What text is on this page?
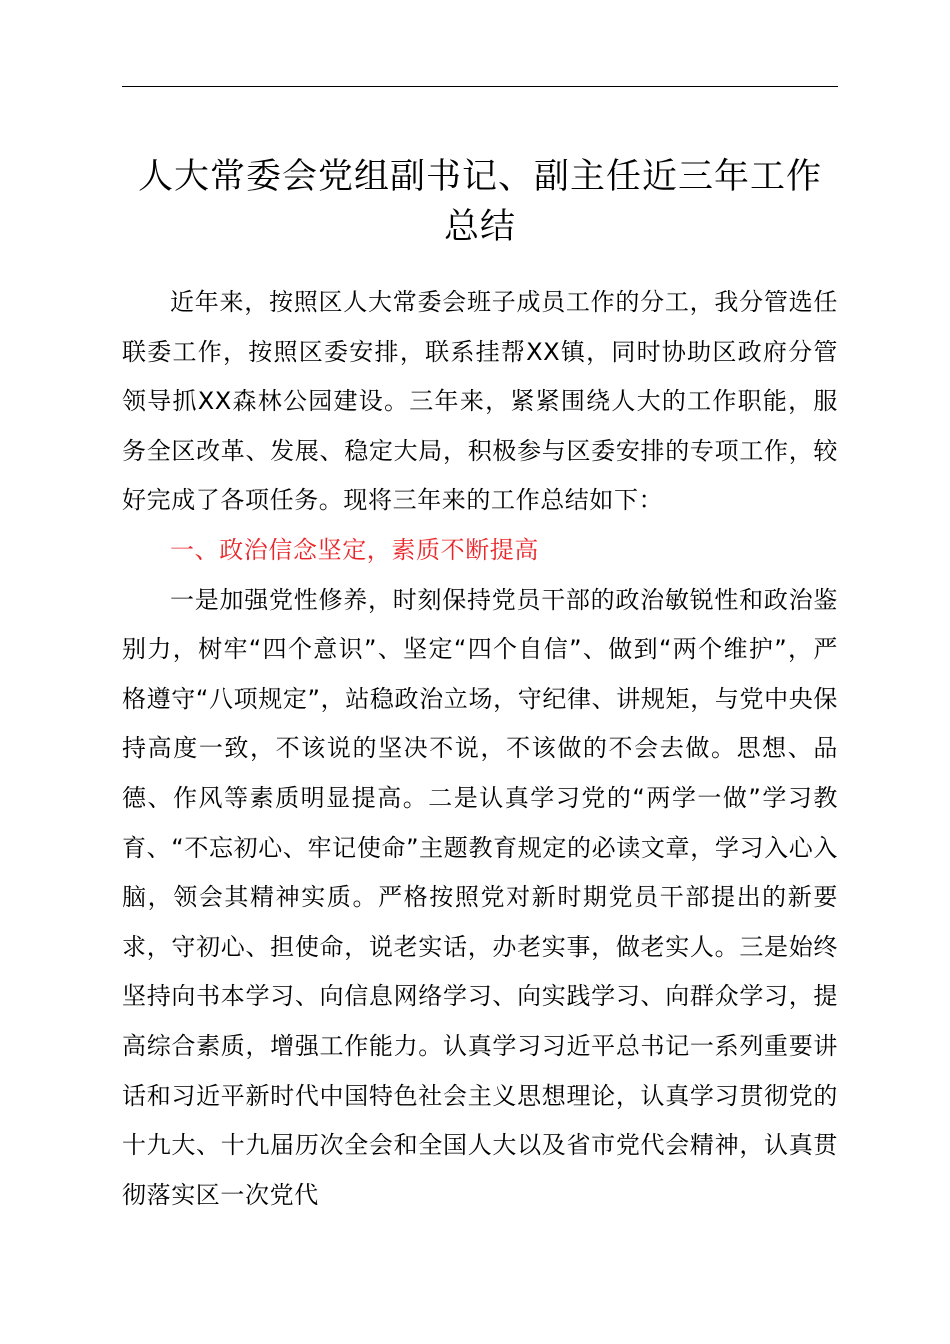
人大常委会党组副书记、副主任近三年工作总结

近年来，按照区人大常委会班子成员工作的分工，我分管选任联委工作，按照区委安排，联系挂帮XX镇，同时协助区政府分管领导抓XX森林公园建设。三年来，紧紧围绕人大的工作职能，服务全区改革、发展、稳定大局，积极参与区委安排的专项工作，较好完成了各项任务。现将三年来的工作总结如下：

一、政治信念坚定，素质不断提高

一是加强党性修养，时刻保持党员干部的政治敏锐性和政治鉴别力，树牢“四个意识”、坚定“四个自信”、做到“两个维护”，严格遵守“八项规定”，站稳政治立场，守纪律、讲规矩，与党中央保持高度一致，不该说的坚决不说，不该做的不会去做。思想、品德、作风等素质明显提高。二是认真学习党的“两学一做”学习教育、“不忘初心、牢记使命”主题教育规定的必读文章，学习入心入脑，领会其精神实质。严格按照党对新时期党员干部提出的新要求，守初心、担使命，说老实话，办老实事，做老实人。三是始终坚持向书本学习、向信息网络学习、向实践学习、向群众学习，提高综合素质，增强工作能力。认真学习习近平总书记一系列重要讲话和习近平新时代中国特色社会主义思想理论，认真学习贯彻党的十九大、十九届历次全会和全国人大以及省市党代会精神，认真贯彻落实区一次党代
